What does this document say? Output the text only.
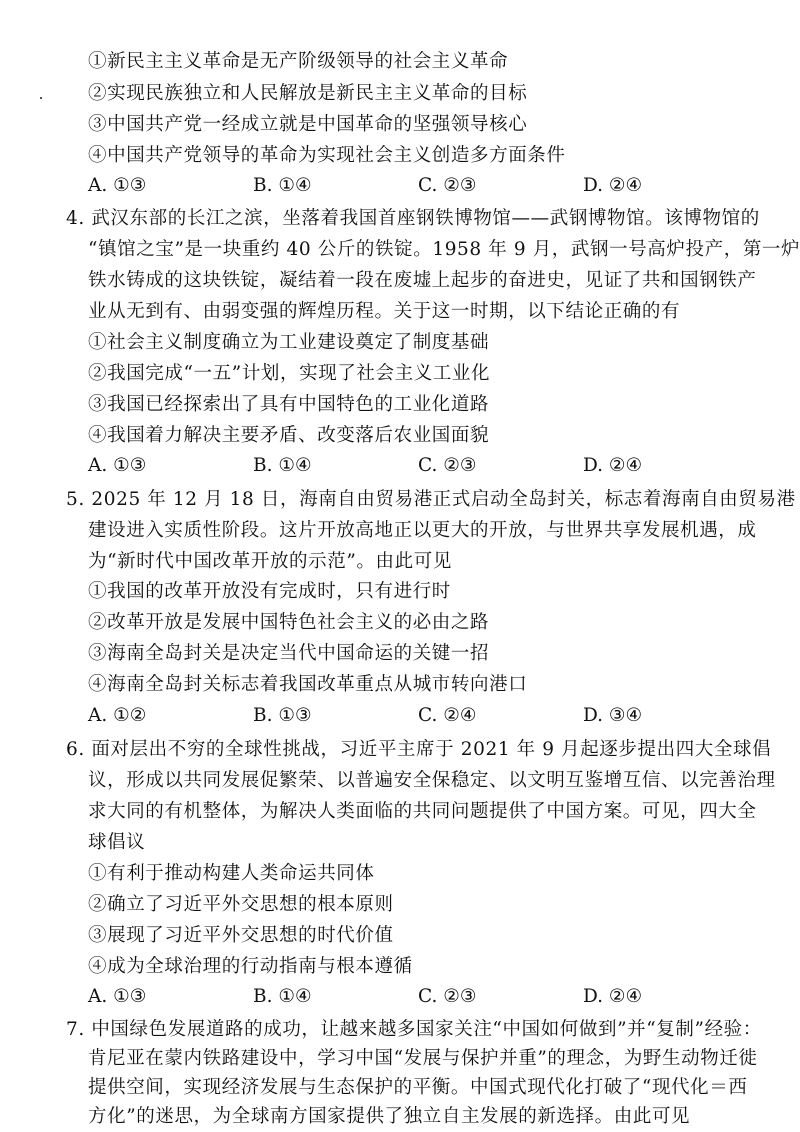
①新民主主义革命是无产阶级领导的社会主义革命
②实现民族独立和人民解放是新民主主义革命的目标
③中国共产党一经成立就是中国革命的坚强领导核心
④中国共产党领导的革命为实现社会主义创造多方面条件
A. ①③	B. ①④	C. ②③	D. ②④
4. 武汉东部的长江之滨，坐落着我国首座钢铁博物馆——武钢博物馆。该博物馆的
“镇馆之宝”是一块重约 40 公斤的铁锭。1958 年 9 月，武钢一号高炉投产，第一炉
铁水铸成的这块铁锭，凝结着一段在废墟上起步的奋进史，见证了共和国钢铁产
业从无到有、由弱变强的辉煌历程。关于这一时期，以下结论正确的有
①社会主义制度确立为工业建设奠定了制度基础
②我国完成“一五”计划，实现了社会主义工业化
③我国已经探索出了具有中国特色的工业化道路
④我国着力解决主要矛盾、改变落后农业国面貌
A. ①③	B. ①④	C. ②③	D. ②④
5. 2025 年 12 月 18 日，海南自由贸易港正式启动全岛封关，标志着海南自由贸易港
建设进入实质性阶段。这片开放高地正以更大的开放，与世界共享发展机遇，成
为“新时代中国改革开放的示范”。由此可见
①我国的改革开放没有完成时，只有进行时
②改革开放是发展中国特色社会主义的必由之路
③海南全岛封关是决定当代中国命运的关键一招
④海南全岛封关标志着我国改革重点从城市转向港口
A. ①②	B. ①③	C. ②④	D. ③④
6. 面对层出不穷的全球性挑战，习近平主席于 2021 年 9 月起逐步提出四大全球倡
议，形成以共同发展促繁荣、以普遍安全保稳定、以文明互鉴增互信、以完善治理
求大同的有机整体，为解决人类面临的共同问题提供了中国方案。可见，四大全
球倡议
①有利于推动构建人类命运共同体
②确立了习近平外交思想的根本原则
③展现了习近平外交思想的时代价值
④成为全球治理的行动指南与根本遵循
A. ①③	B. ①④	C. ②③	D. ②④
7. 中国绿色发展道路的成功，让越来越多国家关注“中国如何做到”并“复制”经验：
肯尼亚在蒙内铁路建设中，学习中国“发展与保护并重”的理念，为野生动物迁徙
提供空间，实现经济发展与生态保护的平衡。中国式现代化打破了“现代化＝西
方化”的迷思，为全球南方国家提供了独立自主发展的新选择。由此可见
